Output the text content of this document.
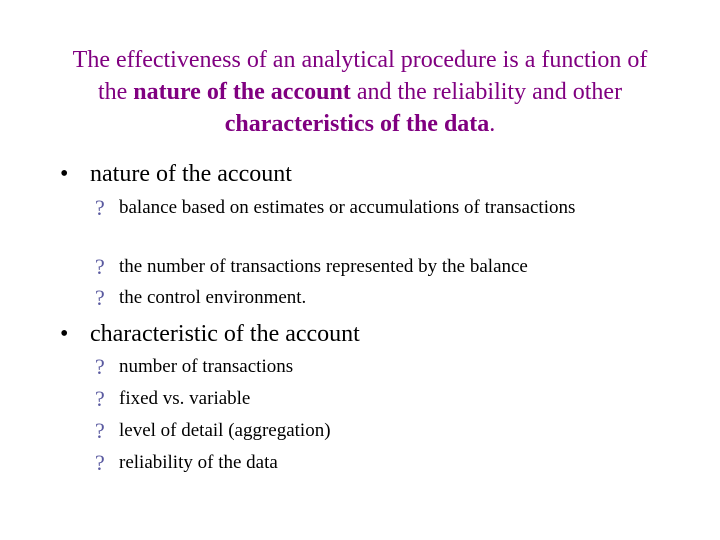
The effectiveness of an analytical procedure is a function of the nature of the account and the reliability and other characteristics of the data.
• nature of the account
? balance based on estimates or accumulations of transactions
? the number of transactions represented by the balance
? the control environment.
• characteristic of the account
? number of transactions
? fixed vs. variable
? level of detail (aggregation)
? reliability of the data
